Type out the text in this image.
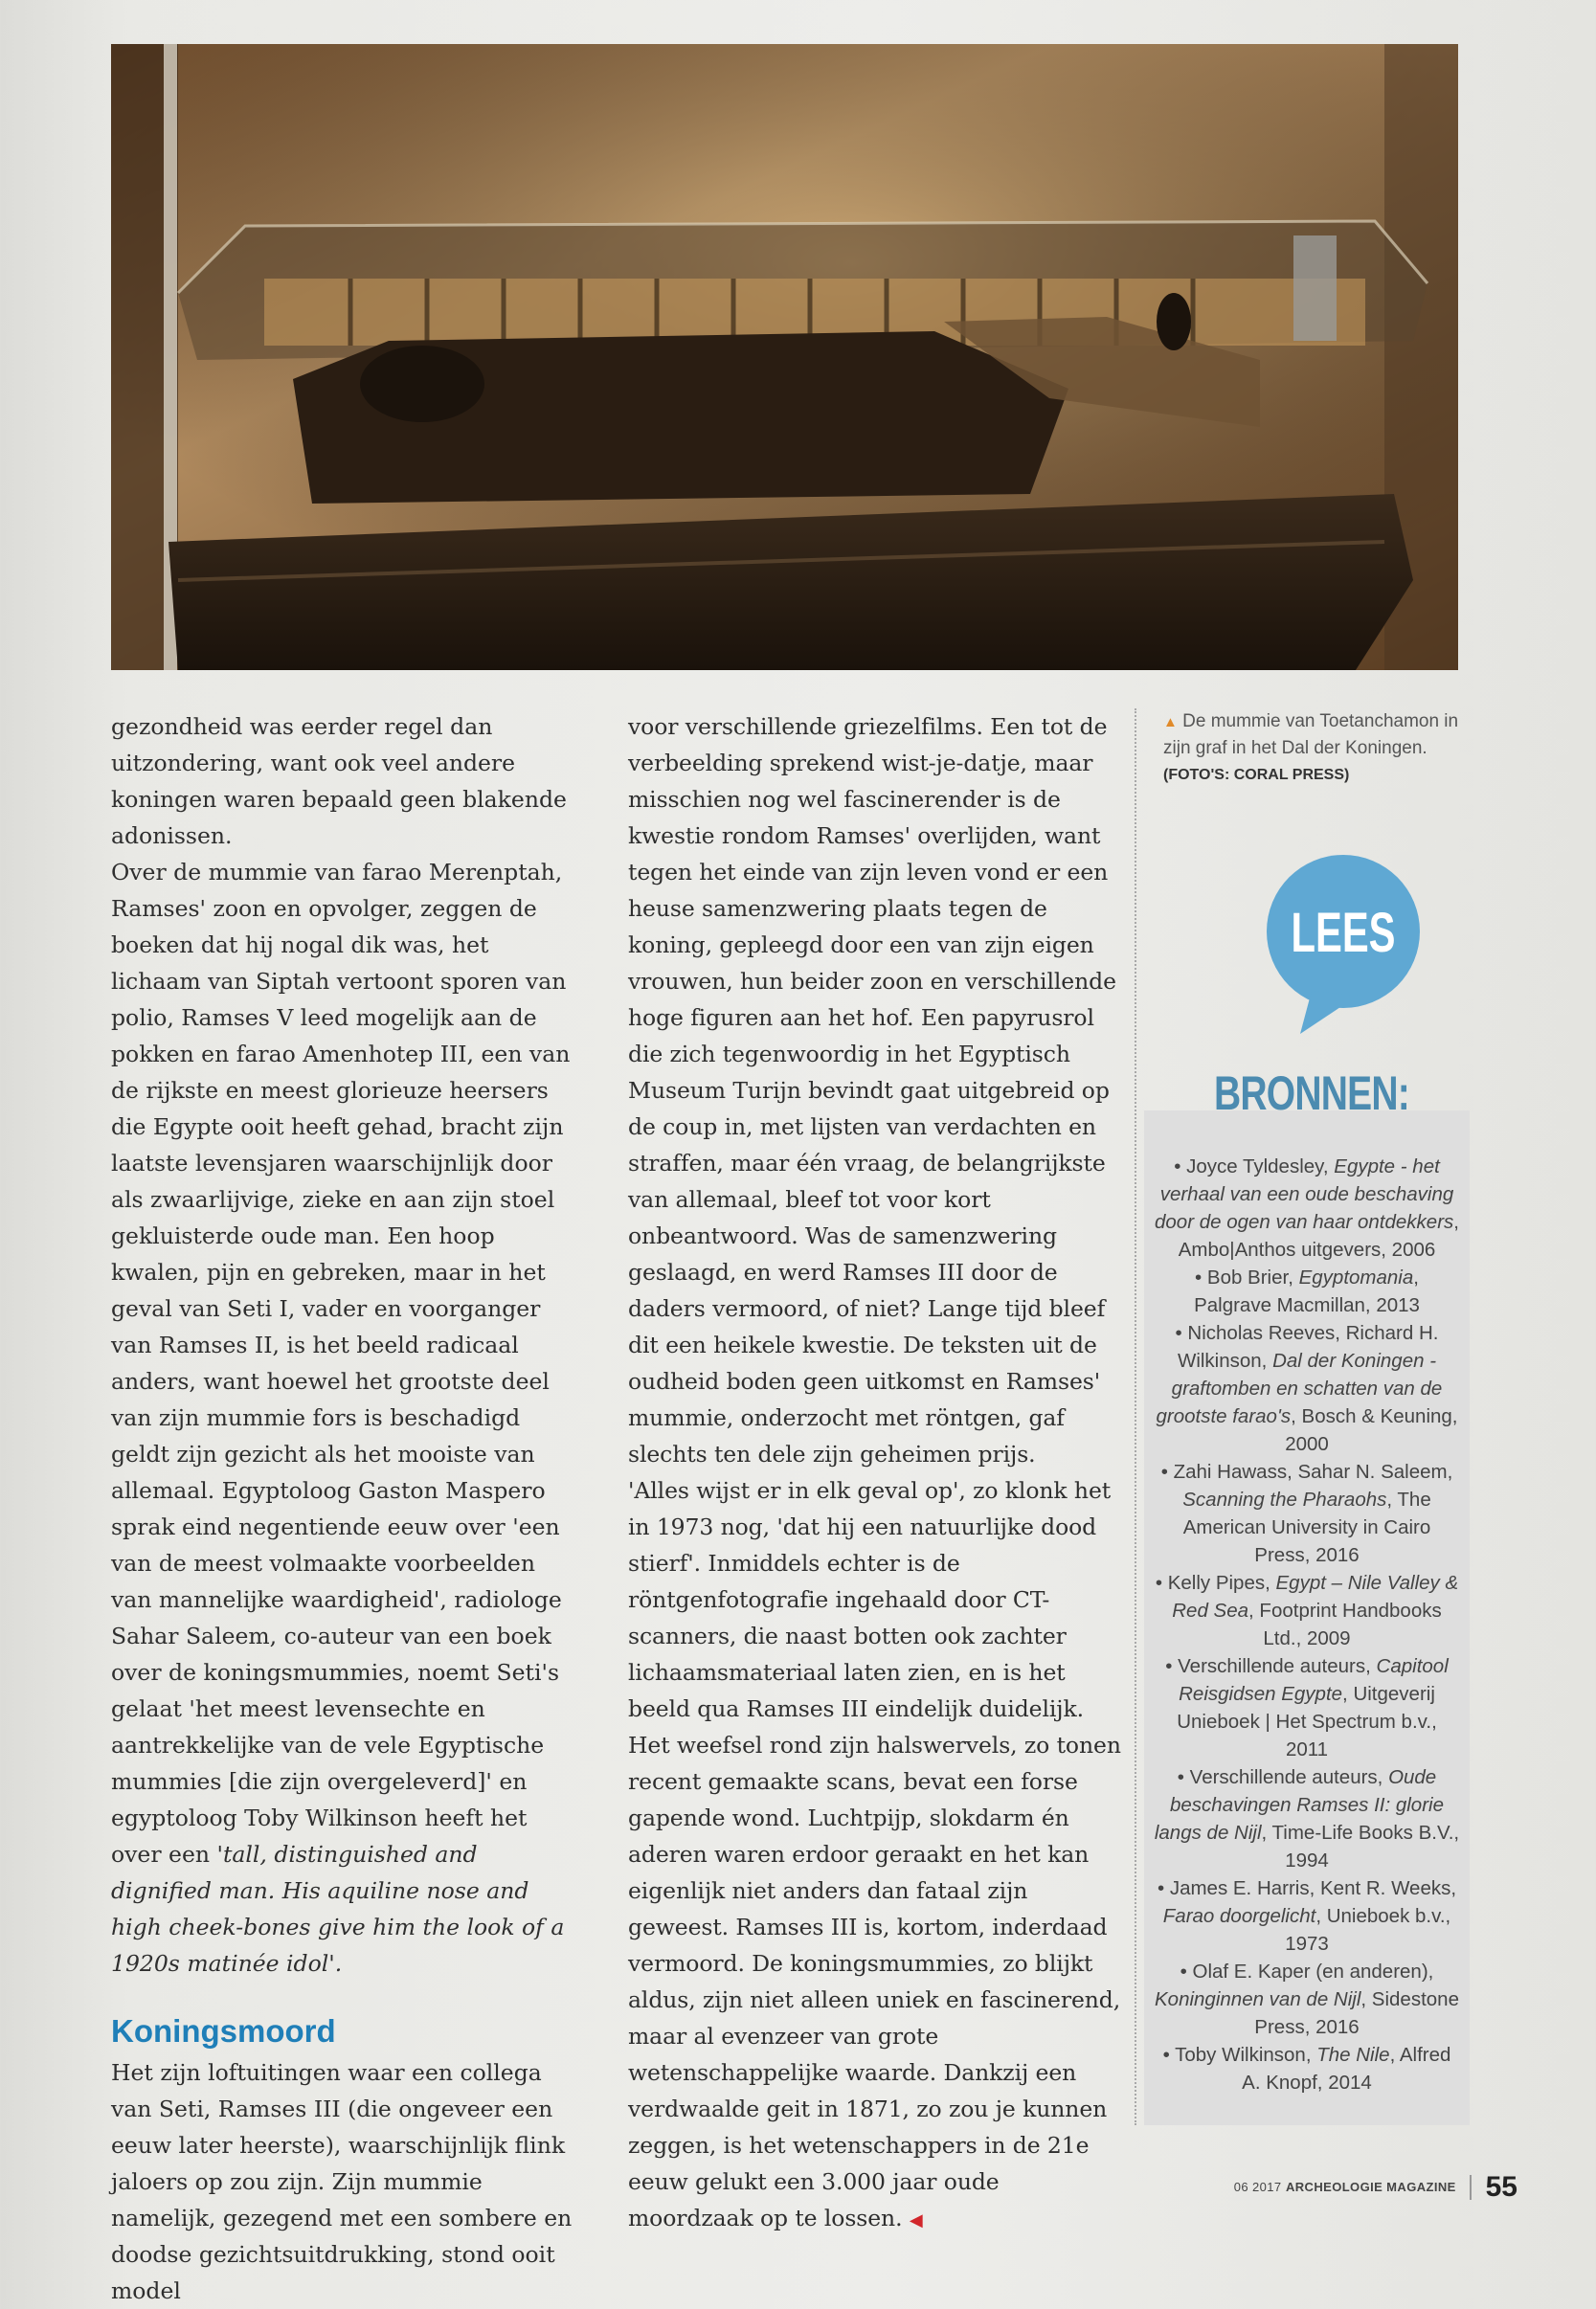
gezondheid was eerder regel dan uitzondering, want ook veel andere koningen waren bepaald geen blakende adonissen.

Over de mummie van farao Merenptah, Ramses' zoon en opvolger, zeggen de boeken dat hij nogal dik was, het lichaam van Siptah vertoont sporen van polio, Ramses V leed mogelijk aan de pokken en farao Amenhotep III, een van de rijkste en meest glorieuze heersers die Egypte ooit heeft gehad, bracht zijn laatste levensjaren waarschijnlijk door als zwaarlijvige, zieke en aan zijn stoel gekluisterde oude man. Een hoop kwalen, pijn en gebreken, maar in het geval van Seti I, vader en voorganger van Ramses II, is het beeld radicaal anders, want hoewel het grootste deel van zijn mummie fors is beschadigd geldt zijn gezicht als het mooiste van allemaal. Egyptoloog Gaston Maspero sprak eind negentiende eeuw over 'een van de meest volmaakte voorbeelden van mannelijke waardigheid', radiologe Sahar Saleem, co-auteur van een boek over de koningsmummies, noemt Seti's gelaat 'het meest levensechte en aantrekkelijke van de vele Egyptische mummies [die zijn overgeleverd]' en egyptoloog Toby Wilkinson heeft het over een 'tall, distinguished and dignified man. His aquiline nose and high cheek-bones give him the look of a 1920s matinée idol'.

Koningsmoord

Het zijn loftuitingen waar een collega van Seti, Ramses III (die ongeveer een eeuw later heerste), waarschijnlijk flink jaloers op zou zijn. Zijn mummie namelijk, gezegend met een sombere en doodse gezichtsuitdrukking, stond ooit model

voor verschillende griezelfilms. Een tot de verbeelding sprekend wist-je-datje, maar misschien nog wel fascinerender is de kwestie rondom Ramses' overlijden, want tegen het einde van zijn leven vond er een heuse samenzwering plaats tegen de koning, gepleegd door een van zijn eigen vrouwen, hun beider zoon en verschillende hoge figuren aan het hof. Een papyrusrol die zich tegenwoordig in het Egyptisch Museum Turijn bevindt gaat uitgebreid op de coup in, met lijsten van verdachten en straffen, maar één vraag, de belangrijkste van allemaal, bleef tot voor kort onbeantwoord. Was de samenzwering geslaagd, en werd Ramses III door de daders vermoord, of niet? Lange tijd bleef dit een heikele kwestie. De teksten uit de oudheid boden geen uitkomst en Ramses' mummie, onderzocht met röntgen, gaf slechts ten dele zijn geheimen prijs.

'Alles wijst er in elk geval op', zo klonk het in 1973 nog, 'dat hij een natuurlijke dood stierf'. Inmiddels echter is de röntgenfotografie ingehaald door CT-scanners, die naast botten ook zachter lichaamsmateriaal laten zien, en is het beeld qua Ramses III eindelijk duidelijk. Het weefsel rond zijn halswervels, zo tonen recent gemaakte scans, bevat een forse gapende wond. Luchtpijp, slokdarm én aderen waren erdoor geraakt en het kan eigenlijk niet anders dan fataal zijn geweest. Ramses III is, kortom, inderdaad vermoord. De koningsmummies, zo blijkt aldus, zijn niet alleen uniek en fascinerend, maar al evenzeer van grote wetenschappelijke waarde. Dankzij een verdwaalde geit in 1871, zo zou je kunnen zeggen, is het wetenschappers in de 21e eeuw gelukt een 3.000 jaar oude moordzaak op te lossen. ◀

▲ De mummie van Toetanchamon in zijn graf in het Dal der Koningen. (FOTO'S: CORAL PRESS)
LEES
• Joyce Tyldesley, Egypte - het verhaal van een oude beschaving door de ogen van haar ontdekkers, Ambo|Anthos uitgevers, 2006
• Bob Brier, Egyptomania, Palgrave Macmillan, 2013
• Nicholas Reeves, Richard H. Wilkinson, Dal der Koningen - graftomben en schatten van de grootste farao's, Bosch & Keuning, 2000
• Zahi Hawass, Sahar N. Saleem, Scanning the Pharaohs, The American University in Cairo Press, 2016
• Kelly Pipes, Egypt – Nile Valley & Red Sea, Footprint Handbooks Ltd., 2009
• Verschillende auteurs, Capitool Reisgidsen Egypte, Uitgeverij Unieboek | Het Spectrum b.v., 2011
• Verschillende auteurs, Oude beschavingen Ramses II: glorie langs de Nijl, Time-Life Books B.V., 1994
• James E. Harris, Kent R. Weeks, Farao doorgelicht, Unieboek b.v., 1973
• Olaf E. Kaper (en anderen), Koninginnen van de Nijl, Sidestone Press, 2016
• Toby Wilkinson, The Nile, Alfred A. Knopf, 2014
BRONNEN:
06 2017 ARCHEOLOGIE MAGAZINE 55
